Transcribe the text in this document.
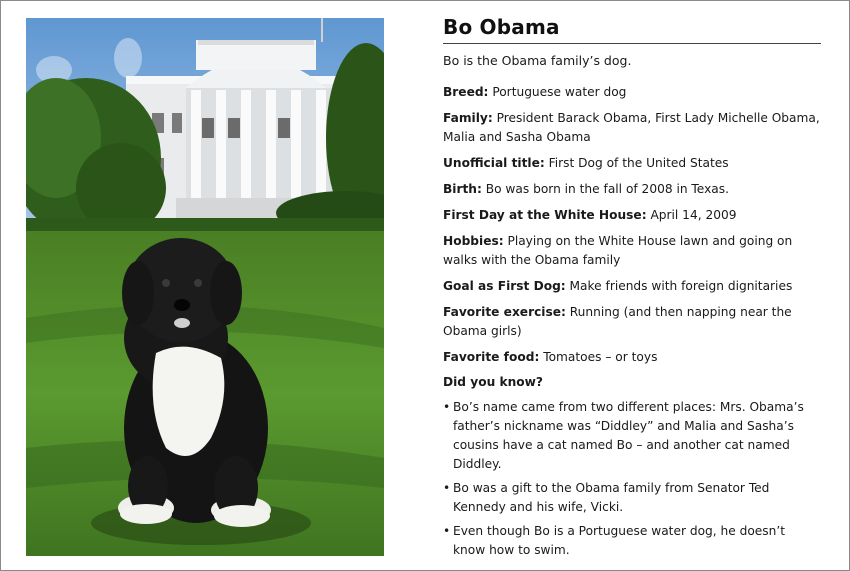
Bo Obama
Bo is the Obama family’s dog.
Breed: Portuguese water dog
Family: President Barack Obama, First Lady Michelle Obama, Malia and Sasha Obama
Unofficial title: First Dog of the United States
Birth: Bo was born in the fall of 2008 in Texas.
First Day at the White House: April 14, 2009
Hobbies: Playing on the White House lawn and going on walks with the Obama family
Goal as First Dog: Make friends with foreign dignitaries
Favorite exercise: Running (and then napping near the Obama girls)
Favorite food: Tomatoes – or toys
Did you know?
• Bo’s name came from two different places: Mrs. Obama’s father’s nickname was “Diddley” and Malia and Sasha’s cousins have a cat named Bo – and another cat named Diddley.
• Bo was a gift to the Obama family from Senator Ted Kennedy and his wife, Vicki.
• Even though Bo is a Portuguese water dog, he doesn’t know how to swim.
